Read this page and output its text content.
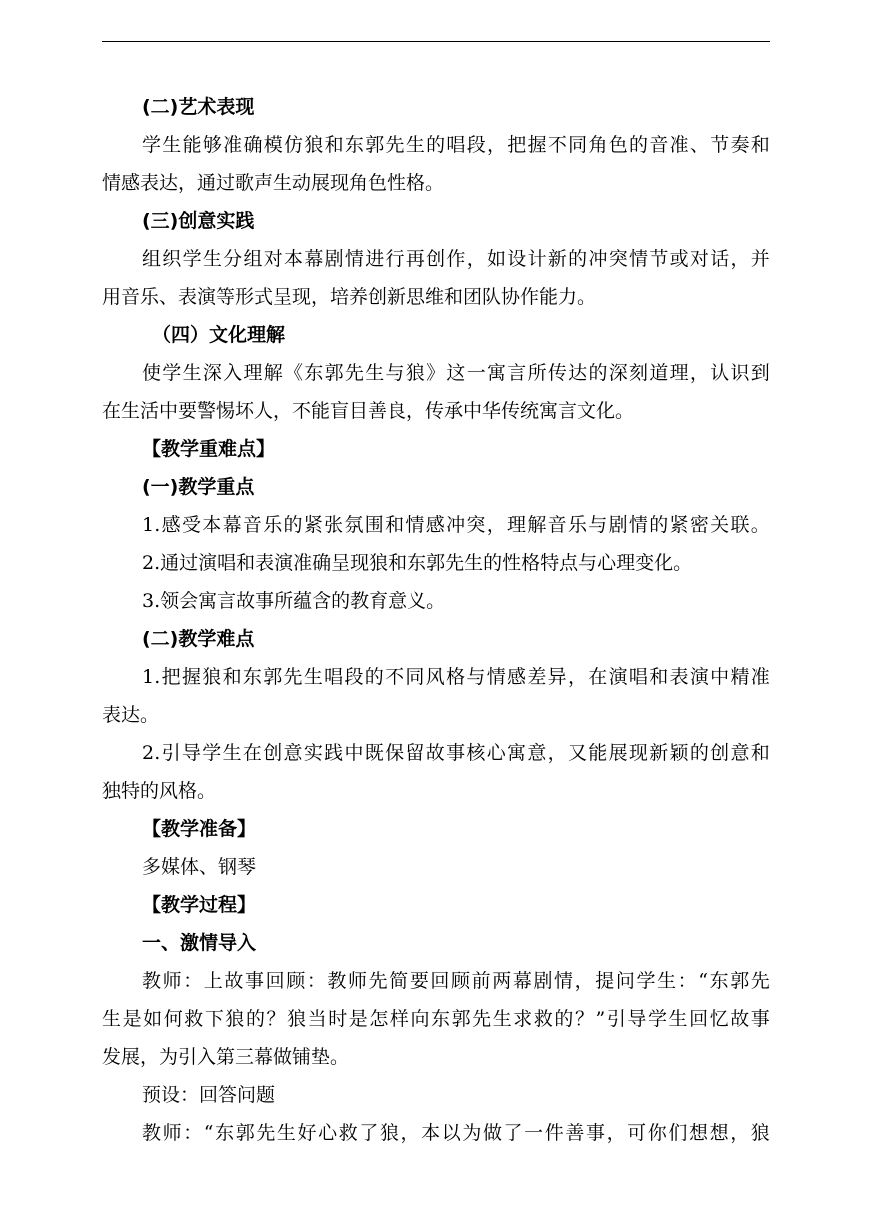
(二)艺术表现
学生能够准确模仿狼和东郭先生的唱段，把握不同角色的音准、节奏和
情感表达，通过歌声生动展现角色性格。
(三)创意实践
组织学生分组对本幕剧情进行再创作，如设计新的冲突情节或对话，并
用音乐、表演等形式呈现，培养创新思维和团队协作能力。
（四）文化理解
使学生深入理解《东郭先生与狼》这一寓言所传达的深刻道理，认识到
在生活中要警惕坏人，不能盲目善良，传承中华传统寓言文化。
【教学重难点】
(一)教学重点
1.感受本幕音乐的紧张氛围和情感冲突，理解音乐与剧情的紧密关联。
2.通过演唱和表演准确呈现狼和东郭先生的性格特点与心理变化。
3.领会寓言故事所蕴含的教育意义。
(二)教学难点
1.把握狼和东郭先生唱段的不同风格与情感差异，在演唱和表演中精准
表达。
2.引导学生在创意实践中既保留故事核心寓意，又能展现新颖的创意和
独特的风格。
【教学准备】
多媒体、钢琴
【教学过程】
一、激情导入
教师：上故事回顾：教师先简要回顾前两幕剧情，提问学生：“东郭先
生是如何救下狼的？狼当时是怎样向东郭先生求救的？”引导学生回忆故事
发展，为引入第三幕做铺垫。
预设：回答问题
教师：“东郭先生好心救了狼，本以为做了一件善事，可你们想想，狼
